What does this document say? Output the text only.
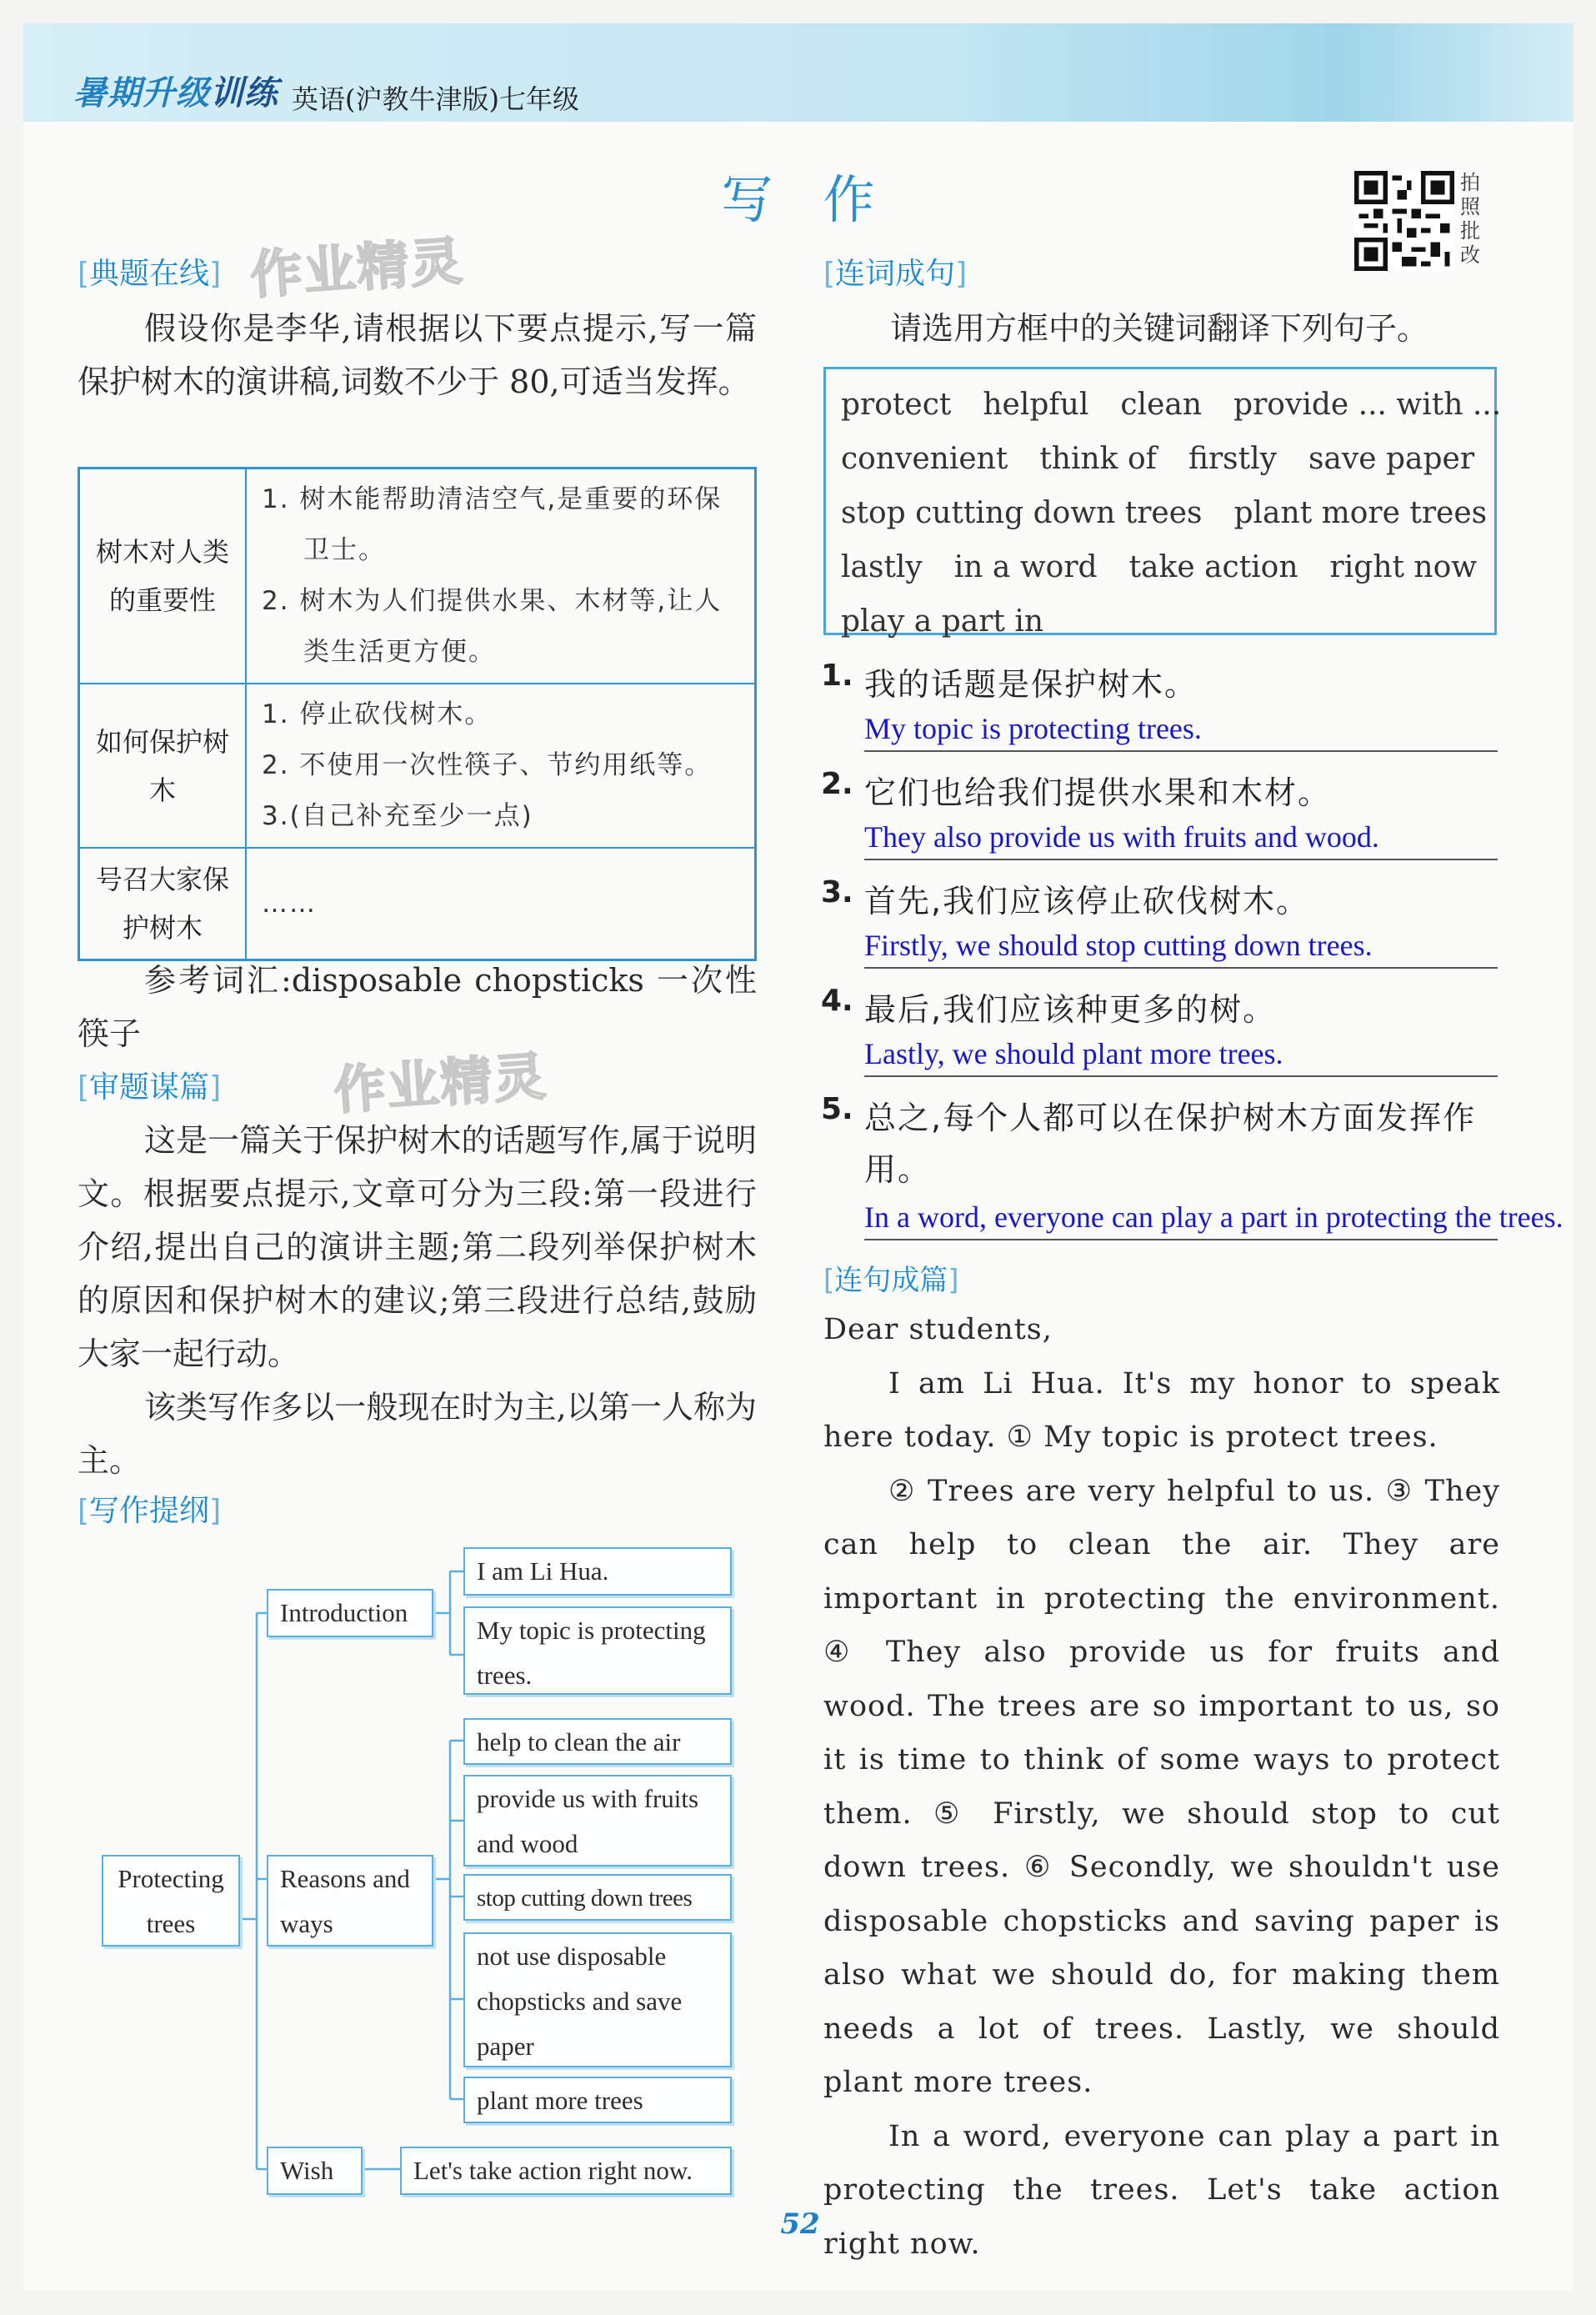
暑期升级训练 英语(沪教牛津版)七年级
写作	拍照批改
[ 典题在线 ] 作业精灵

假设你是李华,请根据以下要点提示,写一篇保护树木的演讲稿,词数不少于 80,可适当发挥。

树木对人类的重要性	1. 树木能帮助清洁空气,是重要的环保卫士。
2. 树木为人们提供水果、木材等,让人类生活更方便。

如何保护树木	1. 停止砍伐树木。
2. 不使用一次性筷子、节约用纸等。
3.(自己补充至少一点)

号召大家保护树木	……

参考词汇:disposable chopsticks 一次性筷子

[ 审题谋篇 ] 作业精灵

这是一篇关于保护树木的话题写作,属于说明文。根据要点提示,文章可分为三段:第一段进行介绍,提出自己的演讲主题;第二段列举保护树木的原因和保护树木的建议;第三段进行总结,鼓励大家一起行动。

该类写作多以一般现在时为主,以第一人称为主。

[ 写作提纲 ]
Protecting trees
Introduction
Reasons and ways
Wish
I am Li Hua.
My topic is protecting trees.
help to clean the air
provide us with fruits and wood
stop cutting down trees
not use disposable chopsticks and save paper
plant more trees
Let's take action right now.
[ 连词成句 ]

请选用方框中的关键词翻译下列句子。

protect helpful clean provide ... with ...
convenient think of firstly save paper
stop cutting down trees plant more trees
lastly in a word take action right now
play a part in
1. 我的话题是保护树木。
My topic is protecting trees.
2. 它们也给我们提供水果和木材。
They also provide us with fruits and wood.
3. 首先,我们应该停止砍伐树木。
Firstly, we should stop cutting down trees.
4. 最后,我们应该种更多的树。
Lastly, we should plant more trees.
5. 总之,每个人都可以在保护树木方面发挥作用。
In a word, everyone can play a part in protecting the trees.
[ 连句成篇 ]

Dear students,

I am Li Hua. It's my honor to speak here today. ① My topic is protect trees.

② Trees are very helpful to us. ③ They can help to clean the air. They are important in protecting the environment. ④ They also provide us for fruits and wood. The trees are so important to us, so it is time to think of some ways to protect them. ⑤ Firstly, we should stop to cut down trees. ⑥ Secondly, we shouldn't use disposable chopsticks and saving paper is also what we should do, for making them needs a lot of trees. Lastly, we should plant more trees.

In a word, everyone can play a part in protecting the trees. Let's take action right now.

52
